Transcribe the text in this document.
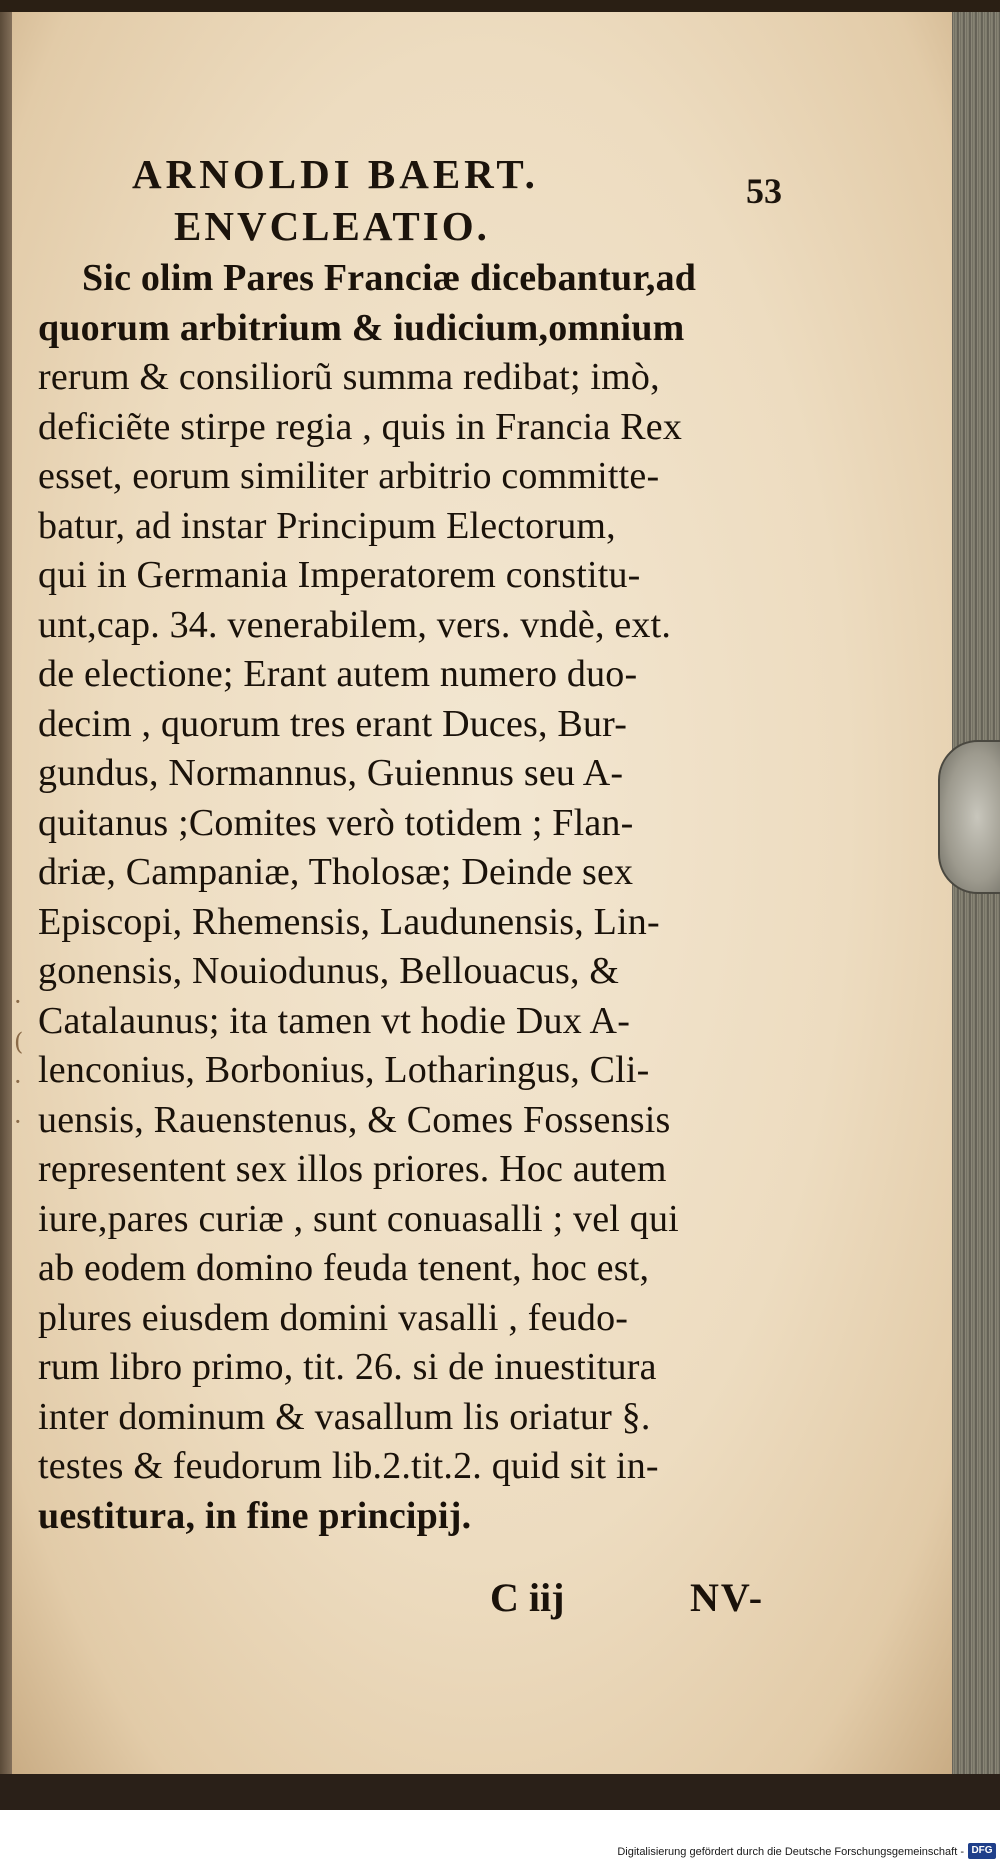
·
(
·
·
ARNOLDI BAERT.	53
ENVCLEATIO.
Sic olim Pares Franciæ dicebantur,ad
quorum arbitrium & iudicium,omnium
rerum & consiliorũ summa redibat; imò,
deficiẽte stirpe regia , quis in Francia Rex
esset, eorum similiter arbitrio committe-
batur, ad instar Principum Electorum,
qui in Germania Imperatorem constitu-
unt,cap. 34. venerabilem, vers. vndè, ext.
de electione; Erant autem numero duo-
decim , quorum tres erant Duces, Bur-
gundus, Normannus, Guiennus seu A-
quitanus ;Comites verò totidem ; Flan-
driæ, Campaniæ, Tholosæ; Deinde sex
Episcopi, Rhemensis, Laudunensis, Lin-
gonensis, Nouiodunus, Bellouacus, &
Catalaunus; ita tamen vt hodie Dux A-
lenconius, Borbonius, Lotharingus, Cli-
uensis, Rauenstenus, & Comes Fossensis
representent sex illos priores. Hoc autem
iure,pares curiæ , sunt conuasalli ; vel qui
ab eodem domino feuda tenent, hoc est,
plures eiusdem domini vasalli , feudo-
rum libro primo, tit. 26. si de inuestitura
inter dominum & vasallum lis oriatur §.
testes & feudorum lib.2.tit.2. quid sit in-
uestitura, in fine principij.
C iij	NV-
Digitalisierung gefördert durch die Deutsche Forschungsgemeinschaft - DFG
